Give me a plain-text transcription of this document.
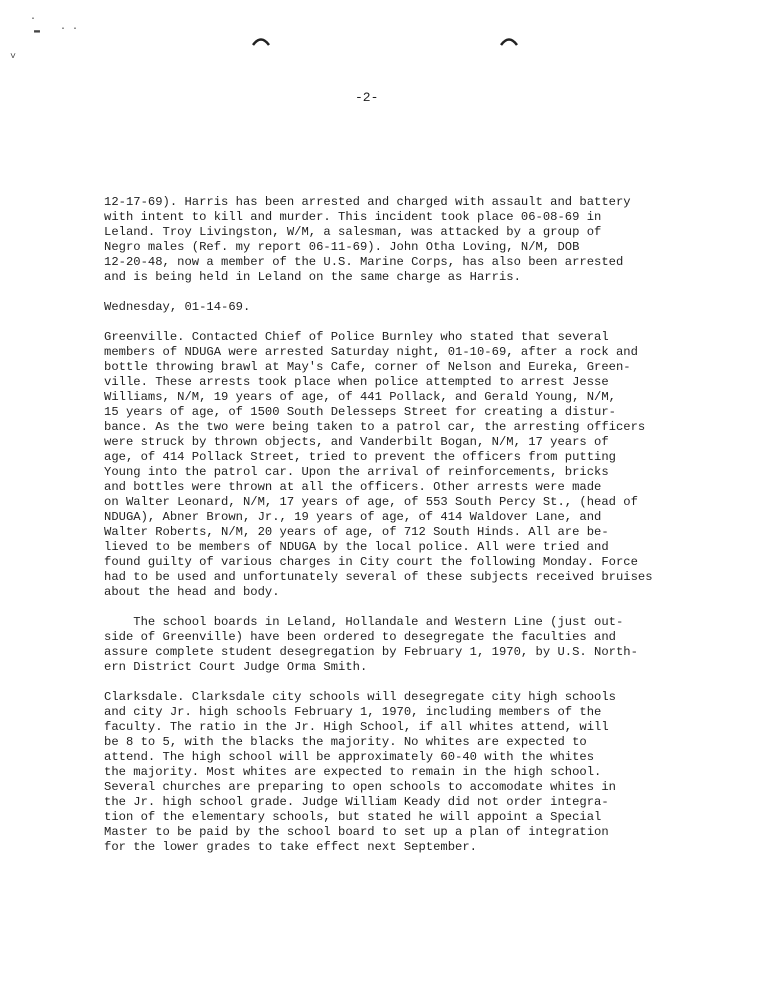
·
▬ · ·
˅
-2-

12-17-69). Harris has been arrested and charged with assault and battery

with intent to kill and murder. This incident took place 06-08-69 in

Leland. Troy Livingston, W/M, a salesman, was attacked by a group of

Negro males (Ref. my report 06-11-69). John Otha Loving, N/M, DOB

12-20-48, now a member of the U.S. Marine Corps, has also been arrested

and is being held in Leland on the same charge as Harris.

Wednesday, 01-14-69.

Greenville. Contacted Chief of Police Burnley who stated that several

members of NDUGA were arrested Saturday night, 01-10-69, after a rock and

bottle throwing brawl at May's Cafe, corner of Nelson and Eureka, Green-

ville. These arrests took place when police attempted to arrest Jesse

Williams, N/M, 19 years of age, of 441 Pollack, and Gerald Young, N/M,

15 years of age, of 1500 South Delesseps Street for creating a distur-

bance. As the two were being taken to a patrol car, the arresting officers

were struck by thrown objects, and Vanderbilt Bogan, N/M, 17 years of

age, of 414 Pollack Street, tried to prevent the officers from putting

Young into the patrol car. Upon the arrival of reinforcements, bricks

and bottles were thrown at all the officers. Other arrests were made

on Walter Leonard, N/M, 17 years of age, of 553 South Percy St., (head of

NDUGA), Abner Brown, Jr., 19 years of age, of 414 Waldover Lane, and

Walter Roberts, N/M, 20 years of age, of 712 South Hinds. All are be-

lieved to be members of NDUGA by the local police. All were tried and

found guilty of various charges in City court the following Monday. Force

had to be used and unfortunately several of these subjects received bruises

about the head and body.

The school boards in Leland, Hollandale and Western Line (just out-

side of Greenville) have been ordered to desegregate the faculties and

assure complete student desegregation by February 1, 1970, by U.S. North-

ern District Court Judge Orma Smith.

Clarksdale. Clarksdale city schools will desegregate city high schools

and city Jr. high schools February 1, 1970, including members of the

faculty. The ratio in the Jr. High School, if all whites attend, will

be 8 to 5, with the blacks the majority. No whites are expected to

attend. The high school will be approximately 60-40 with the whites

the majority. Most whites are expected to remain in the high school.

Several churches are preparing to open schools to accomodate whites in

the Jr. high school grade. Judge William Keady did not order integra-

tion of the elementary schools, but stated he will appoint a Special

Master to be paid by the school board to set up a plan of integration

for the lower grades to take effect next September.
